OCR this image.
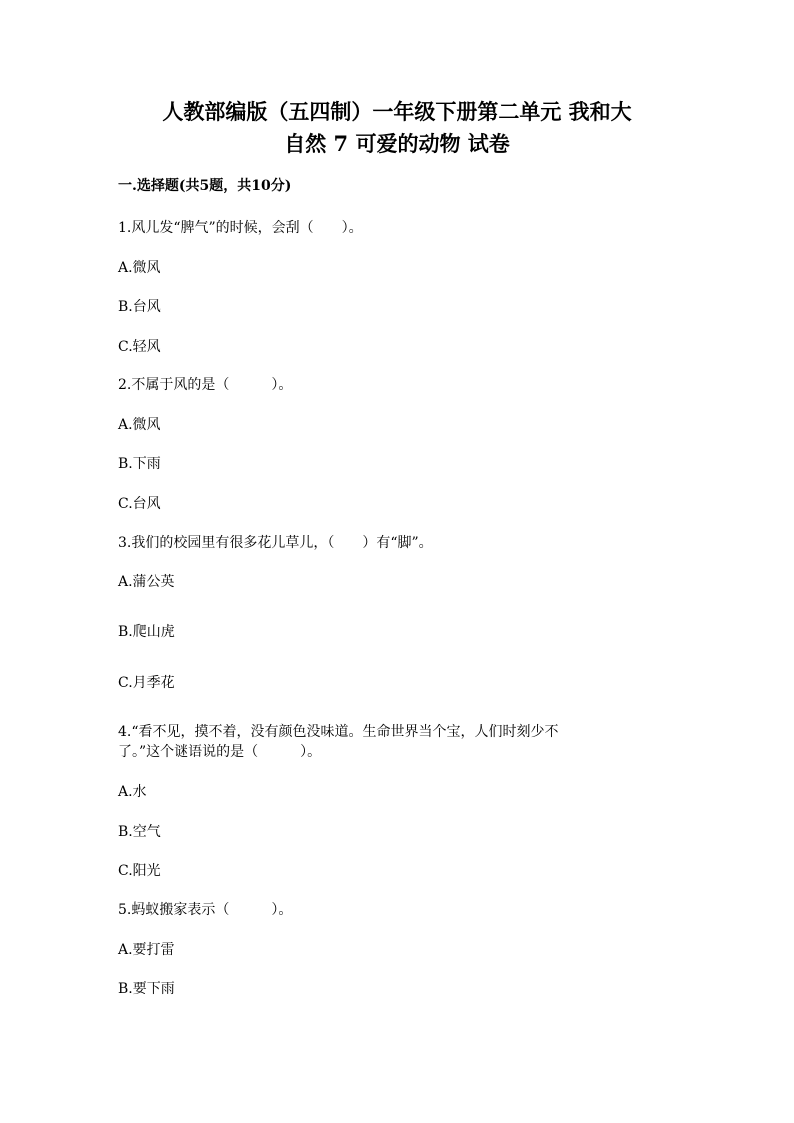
人教部编版（五四制）一年级下册第二单元 我和大
自然 7 可爱的动物 试卷
一.选择题(共5题，共10分)
1.风儿发“脾气”的时候，会刮（　　）。
A.微风
B.台风
C.轻风
2.不属于风的是（　　　）。
A.微风
B.下雨
C.台风
3.我们的校园里有很多花儿草儿，（　　）有“脚”。
A.蒲公英
B.爬山虎
C.月季花
4.“看不见，摸不着，没有颜色没味道。生命世界当个宝，人们时刻少不
了。”这个谜语说的是（　　　）。
A.水
B.空气
C.阳光
5.蚂蚁搬家表示（　　　）。
A.要打雷
B.要下雨
